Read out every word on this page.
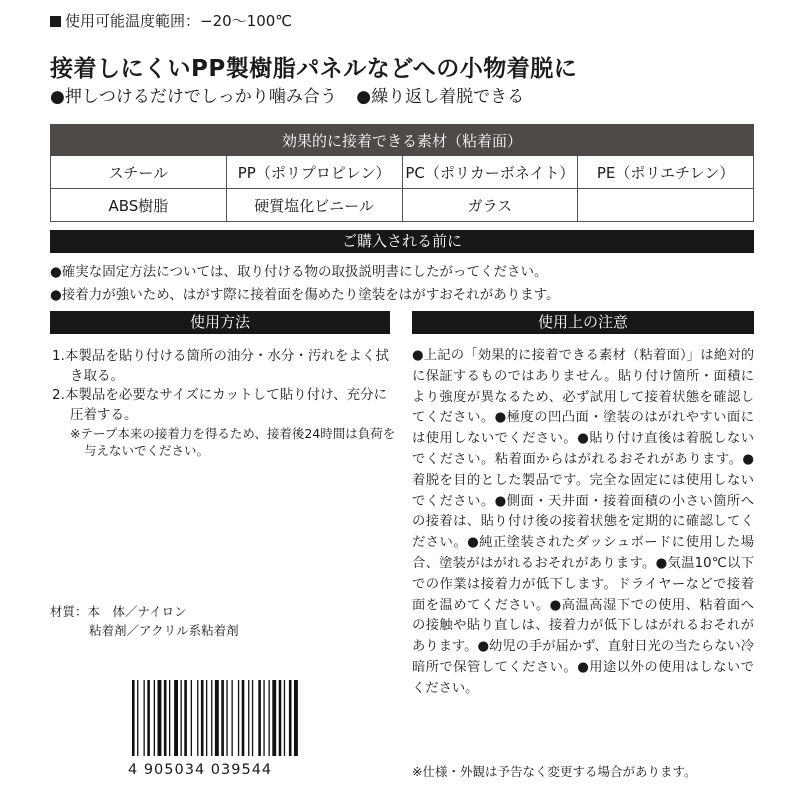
使用可能温度範囲：−20〜100℃
接着しにくいPP製樹脂パネルなどへの小物着脱に
●押しつけるだけでしっかり噛み合う ●繰り返し着脱できる
効果的に接着できる素材（粘着面）			
スチール	PP（ポリプロピレン）	PC（ポリカーボネイト）	PE（ポリエチレン）
ABS樹脂	硬質塩化ビニール	ガラス	
ご購入される前に
●確実な固定方法については、取り付ける物の取扱説明書にしたがってください。
●接着力が強いため、はがす際に接着面を傷めたり塗装をはがすおそれがあります。
使用方法	使用上の注意
1.本製品を貼り付ける箇所の油分・水分・汚れをよく拭き取る。
2.本製品を必要なサイズにカットして貼り付け、充分に圧着する。
※テープ本来の接着力を得るため、接着後24時間は負荷を与えないでください。
●上記の「効果的に接着できる素材（粘着面）」は絶対的に保証するものではありません。貼り付け箇所・面積により強度が異なるため、必ず試用して接着状態を確認してください。●極度の凹凸面・塗装のはがれやすい面には使用しないでください。●貼り付け直後は着脱しないでください。粘着面からはがれるおそれがあります。●着脱を目的とした製品です。完全な固定には使用しないでください。●側面・天井面・接着面積の小さい箇所への接着は、貼り付け後の接着状態を定期的に確認してください。●純正塗装されたダッシュボードに使用した場合、塗装がはがれるおそれがあります。●気温10℃以下での作業は接着力が低下します。ドライヤーなどで接着面を温めてください。●高温高湿下での使用、粘着面への接触や貼り直しは、接着力が低下しはがれるおそれがあります。●幼児の手が届かず、直射日光の当たらない冷暗所で保管してください。●用途以外の使用はしないでください。
材質：本　体／ナイロン
粘着剤／アクリル系粘着剤
4 905034 039544	※仕様・外観は予告なく変更する場合があります。
